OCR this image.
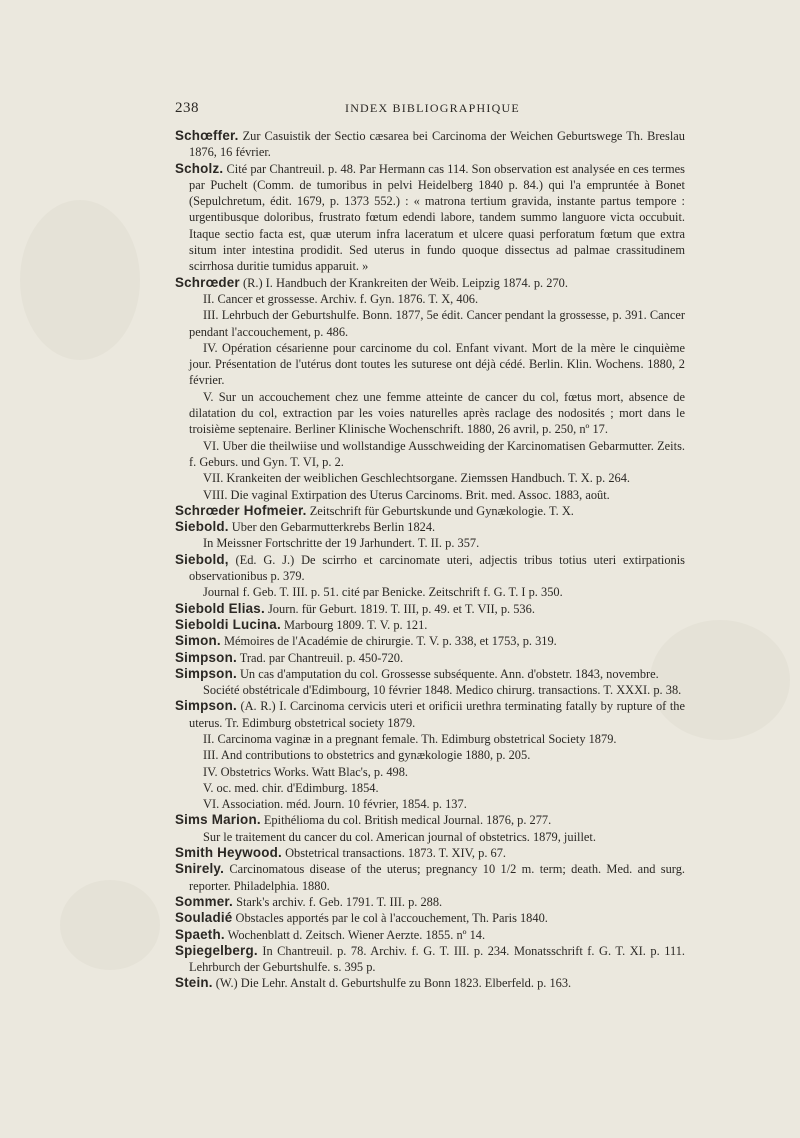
238	INDEX BIBLIOGRAPHIQUE

Schœffer. Zur Casuistik der Sectio cæsarea bei Carcinoma der Weichen Geburtswege Th. Breslau 1876, 16 février.

Scholz. Cité par Chantreuil. p. 48. Par Hermann cas 114. Son observation est analysée en ces termes par Puchelt (Comm. de tumoribus in pelvi Heidelberg 1840 p. 84.) qui l'a empruntée à Bonet (Sepulchretum, édit. 1679, p. 1373 552.) : « matrona tertium gravida, instante partus tempore : urgentibusque doloribus, frustrato fœtum edendi labore, tandem summo languore victa occubuit. Itaque sectio facta est, quæ uterum infra laceratum et ulcere quasi perforatum fœtum que extra situm inter intestina prodidit. Sed uterus in fundo quoque dissectus ad palmae crassitudinem scirrhosa duritie tumidus apparuit. »

Schrœder (R.) I. Handbuch der Krankreiten der Weib. Leipzig 1874. p. 270.

II. Cancer et grossesse. Archiv. f. Gyn. 1876. T. X, 406.

III. Lehrbuch der Geburtshulfe. Bonn. 1877, 5e édit. Cancer pendant la grossesse, p. 391. Cancer pendant l'accouchement, p. 486.

IV. Opération césarienne pour carcinome du col. Enfant vivant. Mort de la mère le cinquième jour. Présentation de l'utérus dont toutes les suturese ont déjà cédé. Berlin. Klin. Wochens. 1880, 2 février.

V. Sur un accouchement chez une femme atteinte de cancer du col, fœtus mort, absence de dilatation du col, extraction par les voies naturelles après raclage des nodosités ; mort dans le troisième septenaire. Berliner Klinische Wochenschrift. 1880, 26 avril, p. 250, nº 17.

VI. Uber die theilwiise und wollstandige Ausschweiding der Karcinomatisen Gebarmutter. Zeits. f. Geburs. und Gyn. T. VI, p. 2.

VII. Krankeiten der weiblichen Geschlechtsorgane. Ziemssen Handbuch. T. X. p. 264.

VIII. Die vaginal Extirpation des Uterus Carcinoms. Brit. med. Assoc. 1883, août.

Schrœder Hofmeier. Zeitschrift für Geburtskunde und Gynækologie. T. X.

Siebold. Uber den Gebarmutterkrebs Berlin 1824.

In Meissner Fortschritte der 19 Jarhundert. T. II. p. 357.

Siebold, (Ed. G. J.) De scirrho et carcinomate uteri, adjectis tribus totius uteri extirpationis observationibus p. 379.

Journal f. Geb. T. III. p. 51. cité par Benicke. Zeitschrift f. G. T. I p. 350.

Siebold Elias. Journ. für Geburt. 1819. T. III, p. 49. et T. VII, p. 536.

Sieboldi Lucina. Marbourg 1809. T. V. p. 121.

Simon. Mémoires de l'Académie de chirurgie. T. V. p. 338, et 1753, p. 319.

Simpson. Trad. par Chantreuil. p. 450-720.

Simpson. Un cas d'amputation du col. Grossesse subséquente. Ann. d'obstetr. 1843, novembre.

Société obstétricale d'Edimbourg, 10 février 1848. Medico chirurg. transactions. T. XXXI. p. 38.

Simpson. (A. R.) I. Carcinoma cervicis uteri et orificii urethra terminating fatally by rupture of the uterus. Tr. Edimburg obstetrical society 1879.

II. Carcinoma vaginæ in a pregnant female. Th. Edimburg obstetrical Society 1879.

III. And contributions to obstetrics and gynækologie 1880, p. 205.

IV. Obstetrics Works. Watt Blac's, p. 498.

V. oc. med. chir. d'Edimburg. 1854.

VI. Association. méd. Journ. 10 février, 1854. p. 137.

Sims Marion. Epithélioma du col. British medical Journal. 1876, p. 277.

Sur le traitement du cancer du col. American journal of obstetrics. 1879, juillet.

Smith Heywood. Obstetrical transactions. 1873. T. XIV, p. 67.

Snirely. Carcinomatous disease of the uterus; pregnancy 10 1/2 m. term; death. Med. and surg. reporter. Philadelphia. 1880.

Sommer. Stark's archiv. f. Geb. 1791. T. III. p. 288.

Souladié Obstacles apportés par le col à l'accouchement, Th. Paris 1840.

Spaeth. Wochenblatt d. Zeitsch. Wiener Aerzte. 1855. nº 14.

Spiegelberg. In Chantreuil. p. 78. Archiv. f. G. T. III. p. 234. Monatsschrift f. G. T. XI. p. 111. Lehrburch der Geburtshulfe. s. 395 p.

Stein. (W.) Die Lehr. Anstalt d. Geburtshulfe zu Bonn 1823. Elberfeld. p. 163.
